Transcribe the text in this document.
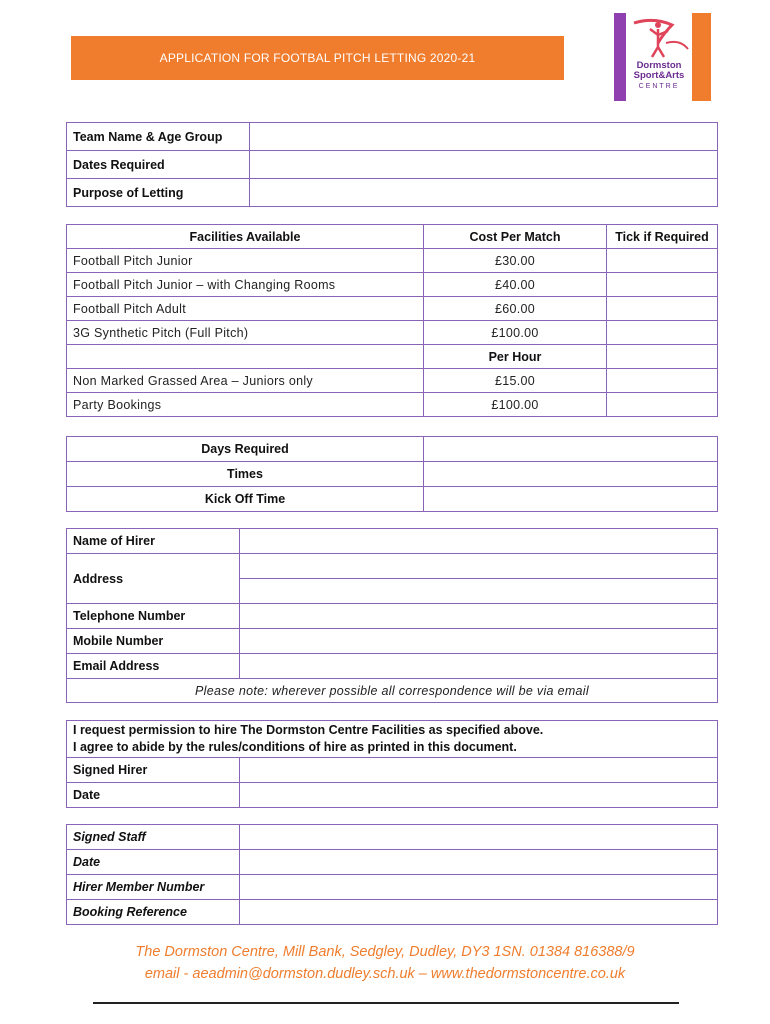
APPLICATION FOR FOOTBAL PITCH LETTING 2020-21
Dormston
Sport&Arts
CENTRE
Team Name & Age Group	
Dates Required	
Purpose of Letting	
Facilities Available	Cost Per Match	Tick if Required
Football Pitch Junior	£30.00	
Football Pitch Junior – with Changing Rooms	£40.00	
Football Pitch Adult	£60.00	
3G Synthetic Pitch (Full Pitch)	£100.00	
	Per Hour	
Non Marked Grassed Area – Juniors only	£15.00	
Party Bookings	£100.00	
Days Required	
Times	
Kick Off Time	
Name of Hirer	
Address	

Telephone Number	
Mobile Number	
Email Address	
Please note: wherever possible all correspondence will be via email	
I request permission to hire The Dormston Centre Facilities as specified above.
I agree to abide by the rules/conditions of hire as printed in this document.	

Signed Hirer	
Date	
Signed Staff	
Date	
Hirer Member Number	
Booking Reference	
The Dormston Centre, Mill Bank, Sedgley, Dudley, DY3 1SN. 01384 816388/9
email - aeadmin@dormston.dudley.sch.uk – www.thedormstoncentre.co.uk
